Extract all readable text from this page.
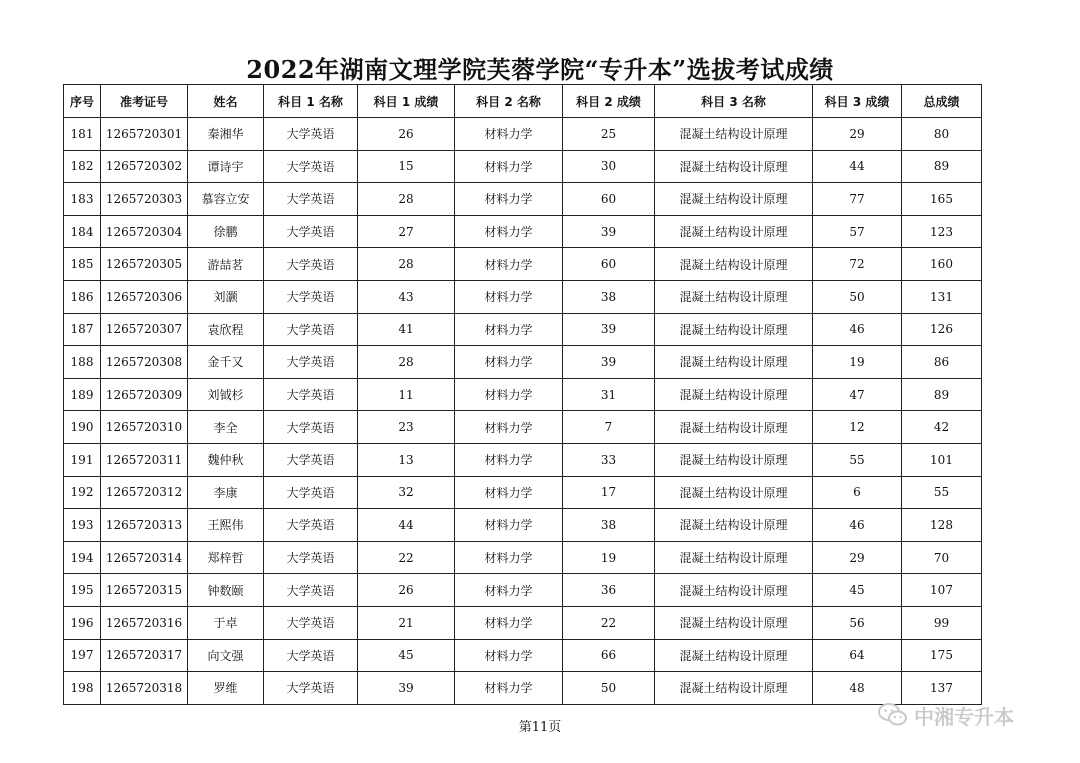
2022年湖南文理学院芙蓉学院“专升本”选拔考试成绩
序号	准考证号	姓名	科目 1 名称	科目 1 成绩	科目 2 名称	科目 2 成绩	科目 3 名称	科目 3 成绩	总成绩
181	1265720301	秦湘华	大学英语	26	材料力学	25	混凝土结构设计原理	29	80
182	1265720302	谭诗宇	大学英语	15	材料力学	30	混凝土结构设计原理	44	89
183	1265720303	慕容立安	大学英语	28	材料力学	60	混凝土结构设计原理	77	165
184	1265720304	徐鹏	大学英语	27	材料力学	39	混凝土结构设计原理	57	123
185	1265720305	游喆茗	大学英语	28	材料力学	60	混凝土结构设计原理	72	160
186	1265720306	刘灏	大学英语	43	材料力学	38	混凝土结构设计原理	50	131
187	1265720307	袁欣程	大学英语	41	材料力学	39	混凝土结构设计原理	46	126
188	1265720308	金千又	大学英语	28	材料力学	39	混凝土结构设计原理	19	86
189	1265720309	刘钺杉	大学英语	11	材料力学	31	混凝土结构设计原理	47	89
190	1265720310	李全	大学英语	23	材料力学	7	混凝土结构设计原理	12	42
191	1265720311	魏仲秋	大学英语	13	材料力学	33	混凝土结构设计原理	55	101
192	1265720312	李康	大学英语	32	材料力学	17	混凝土结构设计原理	6	55
193	1265720313	王熙伟	大学英语	44	材料力学	38	混凝土结构设计原理	46	128
194	1265720314	郑梓哲	大学英语	22	材料力学	19	混凝土结构设计原理	29	70
195	1265720315	钟数颐	大学英语	26	材料力学	36	混凝土结构设计原理	45	107
196	1265720316	于卓	大学英语	21	材料力学	22	混凝土结构设计原理	56	99
197	1265720317	向文强	大学英语	45	材料力学	66	混凝土结构设计原理	64	175
198	1265720318	罗维	大学英语	39	材料力学	50	混凝土结构设计原理	48	137
第11页	中湘专升本
